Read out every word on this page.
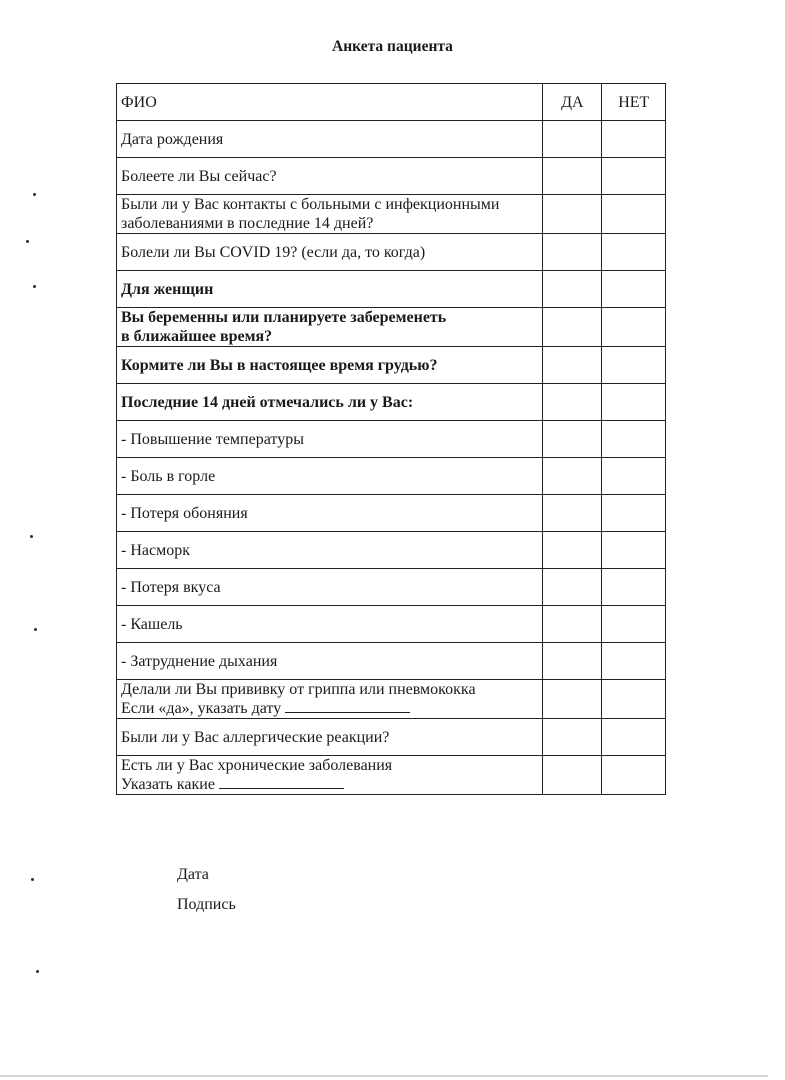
Анкета пациента
ФИО	ДА	НЕТ

Дата рождения		

Болеете ли Вы сейчас?		

Были ли у Вас контакты с больными с инфекционными
заболеваниями в последние 14 дней?		

Болели ли Вы COVID 19? (если да, то когда)		

Для женщин		

Вы беременны или планируете забеременеть
в ближайшее время?		

Кормите ли Вы в настоящее время грудью?		

Последние 14 дней отмечались ли у Вас:		

- Повышение температуры		

- Боль в горле		

- Потеря обоняния		

- Насморк		

- Потеря вкуса		

- Кашель		

- Затруднение дыхания		

Делали ли Вы прививку от гриппа или пневмококка
Если «да», указать дату		

Были ли у Вас аллергические реакции?		

Есть ли у Вас хронические заболевания
Указать какие		

Дата
Подпись
